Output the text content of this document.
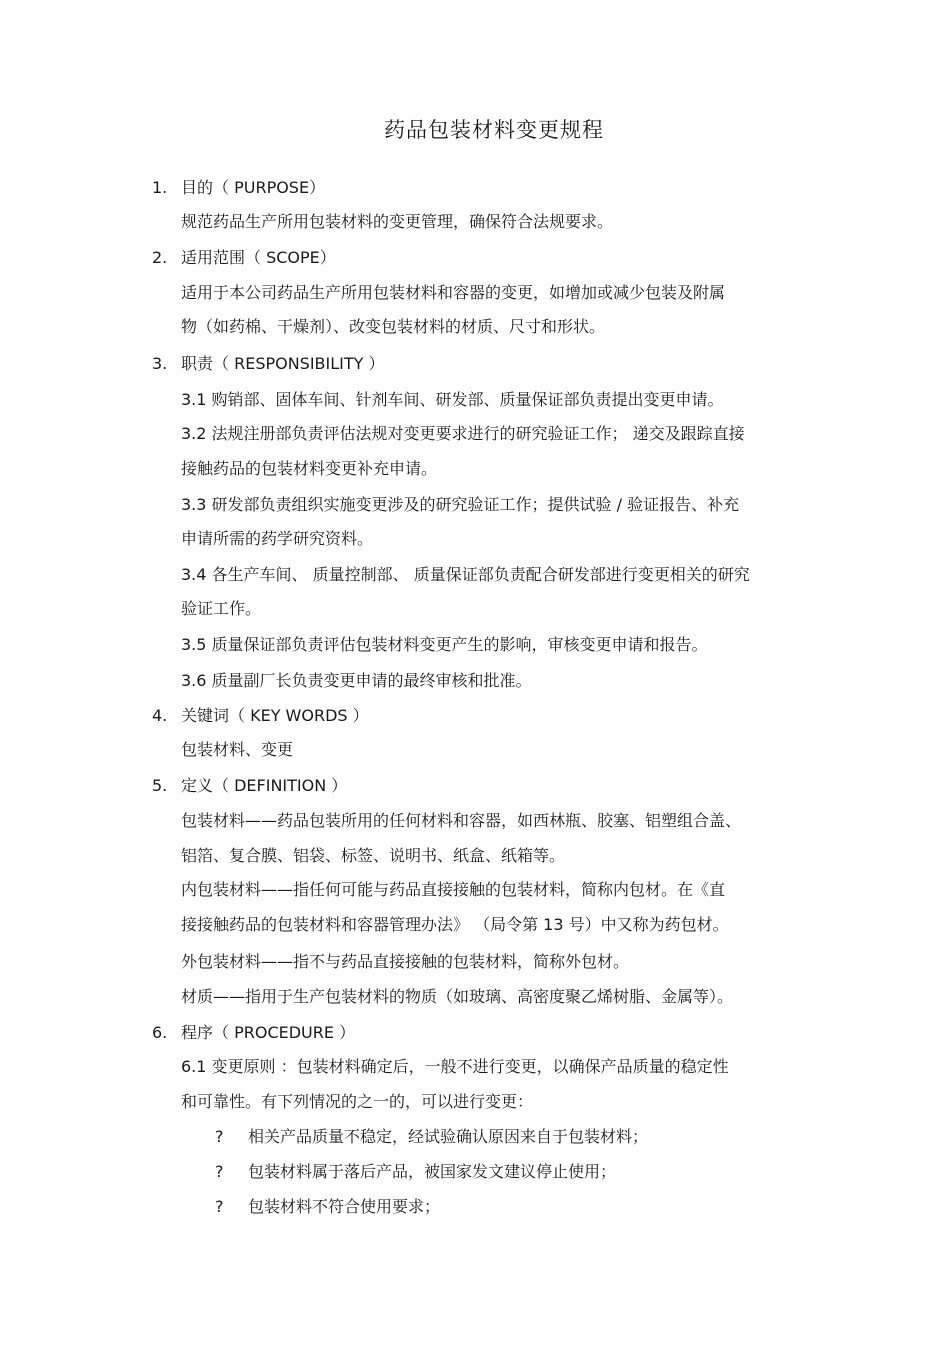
药品包装材料变更规程
1. 目的（ PURPOSE）
规范药品生产所用包装材料的变更管理，确保符合法规要求。
2. 适用范围（ SCOPE）
适用于本公司药品生产所用包装材料和容器的变更，如增加或减少包装及附属
物（如药棉、干燥剂）、改变包装材料的材质、尺寸和形状。
3. 职责（ RESPONSIBILITY ）
3.1 购销部、固体车间、针剂车间、研发部、质量保证部负责提出变更申请。
3.2 法规注册部负责评估法规对变更要求进行的研究验证工作； 递交及跟踪直接
接触药品的包装材料变更补充申请。
3.3 研发部负责组织实施变更涉及的研究验证工作；提供试验 / 验证报告、补充
申请所需的药学研究资料。
3.4 各生产车间、 质量控制部、 质量保证部负责配合研发部进行变更相关的研究
验证工作。
3.5 质量保证部负责评估包装材料变更产生的影响，审核变更申请和报告。
3.6 质量副厂长负责变更申请的最终审核和批准。
4. 关键词（ KEY WORDS ）
包装材料、变更
5. 定义（ DEFINITION ）
包装材料——药品包装所用的任何材料和容器，如西林瓶、胶塞、铝塑组合盖、
铝箔、复合膜、铝袋、标签、说明书、纸盒、纸箱等。
内包装材料——指任何可能与药品直接接触的包装材料，简称内包材。在《直
接接触药品的包装材料和容器管理办法》 （局令第 13 号）中又称为药包材。
外包装材料——指不与药品直接接触的包装材料，简称外包材。
材质——指用于生产包装材料的物质（如玻璃、高密度聚乙烯树脂、金属等）。
6. 程序（ PROCEDURE ）
6.1 变更原则 ：包装材料确定后，一般不进行变更，以确保产品质量的稳定性
和可靠性。有下列情况的之一的，可以进行变更：
? 相关产品质量不稳定，经试验确认原因来自于包装材料；
? 包装材料属于落后产品，被国家发文建议停止使用；
? 包装材料不符合使用要求；
